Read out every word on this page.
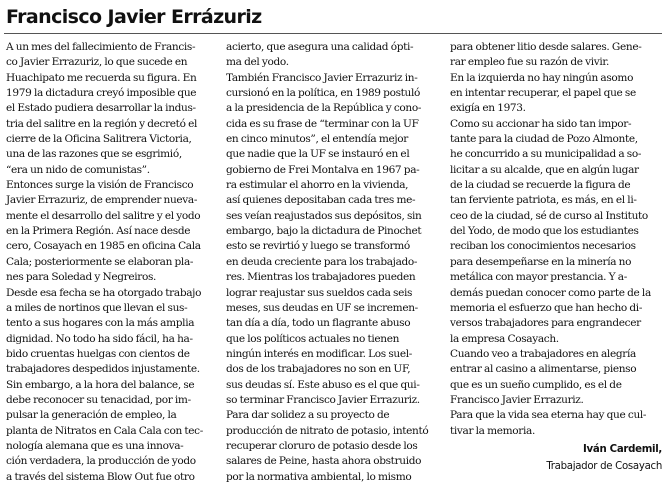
Francisco Javier Errázuriz
A un mes del fallecimiento de Francis-
co Javier Errazuriz, lo que sucede en
Huachipato me recuerda su figura. En
1979 la dictadura creyó imposible que
el Estado pudiera desarrollar la indus-
tria del salitre en la región y decretó el
cierre de la Oficina Salitrera Victoria,
una de las razones que se esgrimió,
“era un nido de comunistas”.
Entonces surge la visión de Francisco
Javier Errazuriz, de emprender nueva-
mente el desarrollo del salitre y el yodo
en la Primera Región. Así nace desde
cero, Cosayach en 1985 en oficina Cala
Cala; posteriormente se elaboran pla-
nes para Soledad y Negreiros.
Desde esa fecha se ha otorgado trabajo
a miles de nortinos que llevan el sus-
tento a sus hogares con la más amplia
dignidad. No todo ha sido fácil, ha ha-
bido cruentas huelgas con cientos de
trabajadores despedidos injustamente.
Sin embargo, a la hora del balance, se
debe reconocer su tenacidad, por im-
pulsar la generación de empleo, la
planta de Nitratos en Cala Cala con tec-
nología alemana que es una innova-
ción verdadera, la producción de yodo
a través del sistema Blow Out fue otro
acierto, que asegura una calidad ópti-
ma del yodo.
También Francisco Javier Errazuriz in-
cursionó en la política, en 1989 postuló
a la presidencia de la República y cono-
cida es su frase de “terminar con la UF
en cinco minutos”, el entendía mejor
que nadie que la UF se instauró en el
gobierno de Frei Montalva en 1967 pa-
ra estimular el ahorro en la vivienda,
así quienes depositaban cada tres me-
ses veían reajustados sus depósitos, sin
embargo, bajo la dictadura de Pinochet
esto se revirtió y luego se transformó
en deuda creciente para los trabajado-
res. Mientras los trabajadores pueden
lograr reajustar sus sueldos cada seis
meses, sus deudas en UF se incremen-
tan día a día, todo un flagrante abuso
que los políticos actuales no tienen
ningún interés en modificar. Los suel-
dos de los trabajadores no son en UF,
sus deudas sí. Este abuso es el que qui-
so terminar Francisco Javier Errazuriz.
Para dar solidez a su proyecto de
producción de nitrato de potasio, intentó
recuperar cloruro de potasio desde los
salares de Peine, hasta ahora obstruido
por la normativa ambiental, lo mismo
para obtener litio desde salares. Gene-
rar empleo fue su razón de vivir.
En la izquierda no hay ningún asomo
en intentar recuperar, el papel que se
exigía en 1973.
Como su accionar ha sido tan impor-
tante para la ciudad de Pozo Almonte,
he concurrido a su municipalidad a so-
licitar a su alcalde, que en algún lugar
de la ciudad se recuerde la figura de
tan ferviente patriota, es más, en el li-
ceo de la ciudad, sé de curso al Instituto
del Yodo, de modo que los estudiantes
reciban los conocimientos necesarios
para desempeñarse en la minería no
metálica con mayor prestancia. Y a-
demás puedan conocer como parte de la
memoria el esfuerzo que han hecho di-
versos trabajadores para engrandecer
la empresa Cosayach.
Cuando veo a trabajadores en alegría
entrar al casino a alimentarse, pienso
que es un sueño cumplido, es el de
Francisco Javier Errazuriz.
Para que la vida sea eterna hay que cul-
tivar la memoria.
Iván Cardemil,
Trabajador de Cosayach
